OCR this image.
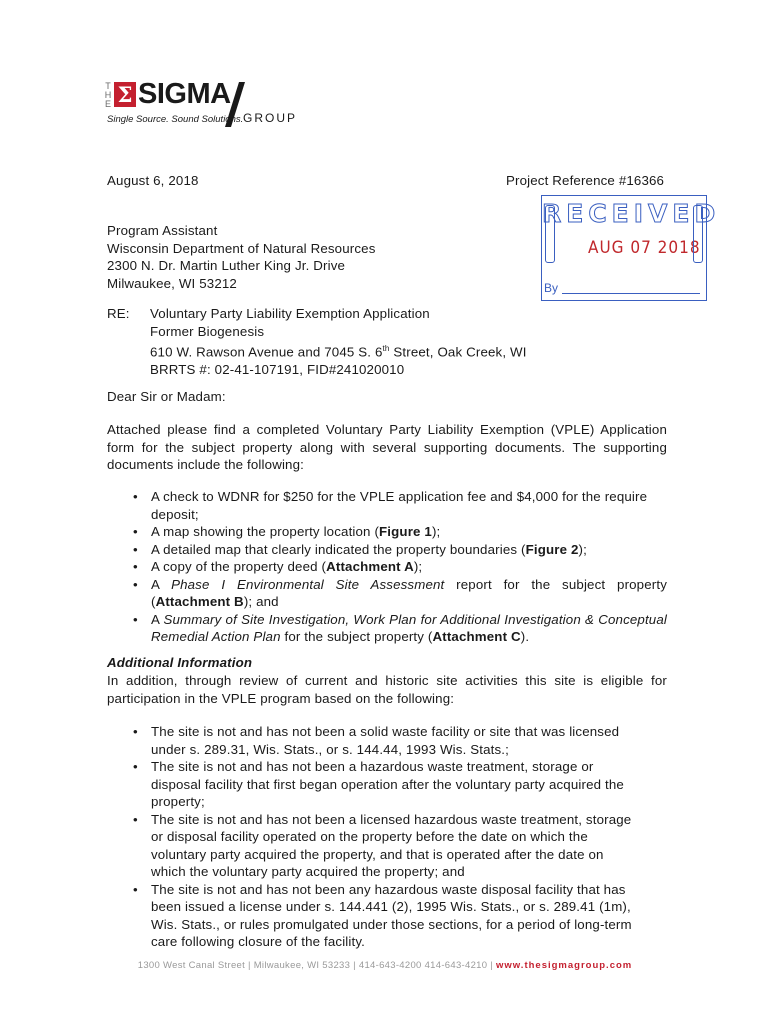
T
H
E Σ SIGMA
GROUP
Single Source. Sound Solutions.
August 6, 2018	Project Reference #16366
RECEIVED
AUG 07 2018
By
Program Assistant
Wisconsin Department of Natural Resources
2300 N. Dr. Martin Luther King Jr. Drive
Milwaukee, WI 53212
RE: Voluntary Party Liability Exemption Application
Former Biogenesis
610 W. Rawson Avenue and 7045 S. 6th Street, Oak Creek, WI
BRRTS #: 02-41-107191, FID#241020010
Dear Sir or Madam:
Attached please find a completed Voluntary Party Liability Exemption (VPLE) Application form for the subject property along with several supporting documents. The supporting documents include the following:
• A check to WDNR for $250 for the VPLE application fee and $4,000 for the require deposit;
• A map showing the property location (Figure 1);
• A detailed map that clearly indicated the property boundaries (Figure 2);
• A copy of the property deed (Attachment A);
• A Phase I Environmental Site Assessment report for the subject property (Attachment B); and
• A Summary of Site Investigation, Work Plan for Additional Investigation & Conceptual Remedial Action Plan for the subject property (Attachment C).
Additional Information
In addition, through review of current and historic site activities this site is eligible for participation in the VPLE program based on the following:
• The site is not and has not been a solid waste facility or site that was licensed under s. 289.31, Wis. Stats., or s. 144.44, 1993 Wis. Stats.;
• The site is not and has not been a hazardous waste treatment, storage or disposal facility that first began operation after the voluntary party acquired the property;
• The site is not and has not been a licensed hazardous waste treatment, storage or disposal facility operated on the property before the date on which the voluntary party acquired the property, and that is operated after the date on which the voluntary party acquired the property; and
• The site is not and has not been any hazardous waste disposal facility that has been issued a license under s. 144.441 (2), 1995 Wis. Stats., or s. 289.41 (1m), Wis. Stats., or rules promulgated under those sections, for a period of long-term care following closure of the facility.
1300 West Canal Street | Milwaukee, WI 53233 | 414-643-4200 414-643-4210 | www.thesigmagroup.com
